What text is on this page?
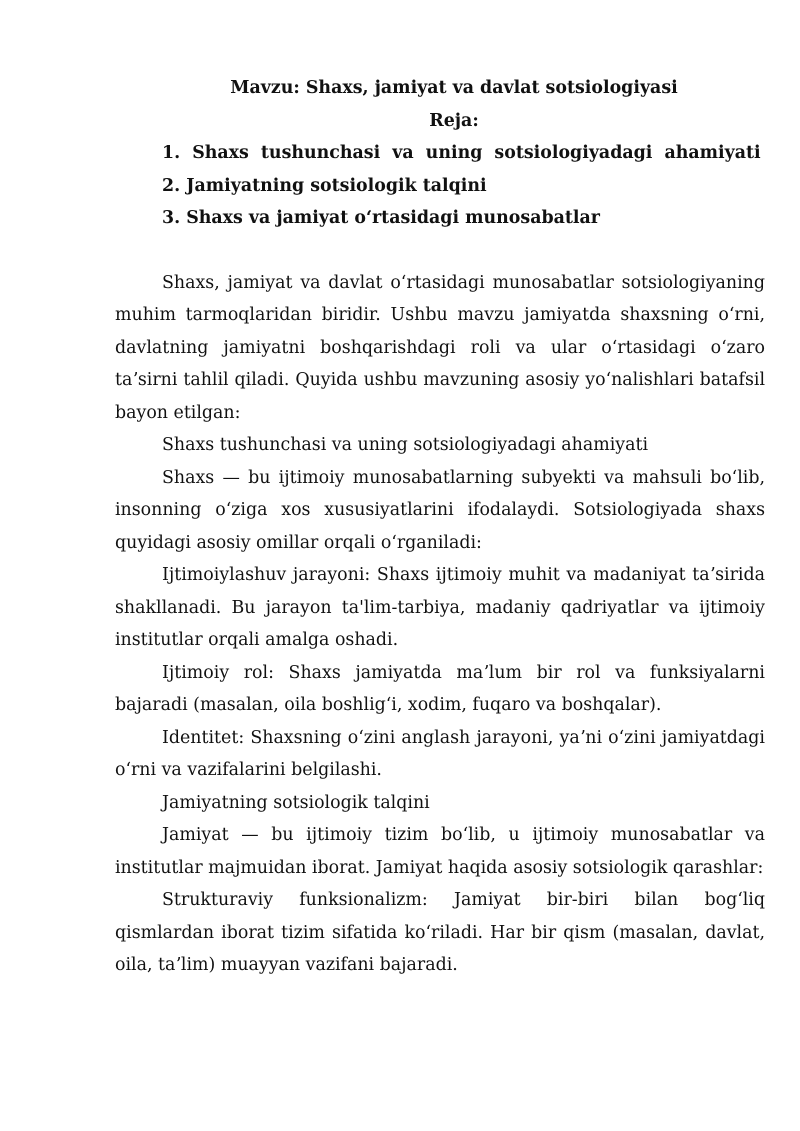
Mavzu: Shaxs, jamiyat va davlat sotsiologiyasi

Reja:

1. Shaxs tushunchasi va uning sotsiologiyadagi ahamiyati

2. Jamiyatning sotsiologik talqini

3. Shaxs va jamiyat oʻrtasidagi munosabatlar

Shaxs, jamiyat va davlat oʻrtasidagi munosabatlar sotsiologiyaning muhim tarmoqlaridan biridir. Ushbu mavzu jamiyatda shaxsning oʻrni, davlatning jamiyatni boshqarishdagi roli va ular oʻrtasidagi oʻzaro taʼsirni tahlil qiladi. Quyida ushbu mavzuning asosiy yoʻnalishlari batafsil bayon etilgan:

Shaxs tushunchasi va uning sotsiologiyadagi ahamiyati

Shaxs — bu ijtimoiy munosabatlarning subyekti va mahsuli boʻlib, insonning oʻziga xos xususiyatlarini ifodalaydi. Sotsiologiyada shaxs quyidagi asosiy omillar orqali oʻrganiladi:

Ijtimoiylashuv jarayoni: Shaxs ijtimoiy muhit va madaniyat taʼsirida shakllanadi. Bu jarayon ta'lim-tarbiya, madaniy qadriyatlar va ijtimoiy institutlar orqali amalga oshadi.

Ijtimoiy rol: Shaxs jamiyatda maʼlum bir rol va funksiyalarni bajaradi (masalan, oila boshligʻi, xodim, fuqaro va boshqalar).

Identitet: Shaxsning oʻzini anglash jarayoni, yaʼni oʻzini jamiyatdagi oʻrni va vazifalarini belgilashi.

Jamiyatning sotsiologik talqini

Jamiyat — bu ijtimoiy tizim boʻlib, u ijtimoiy munosabatlar va institutlar majmuidan iborat. Jamiyat haqida asosiy sotsiologik qarashlar:

Strukturaviy funksionalizm: Jamiyat bir-biri bilan bogʻliq qismlardan iborat tizim sifatida koʻriladi. Har bir qism (masalan, davlat, oila, taʼlim) muayyan vazifani bajaradi.
